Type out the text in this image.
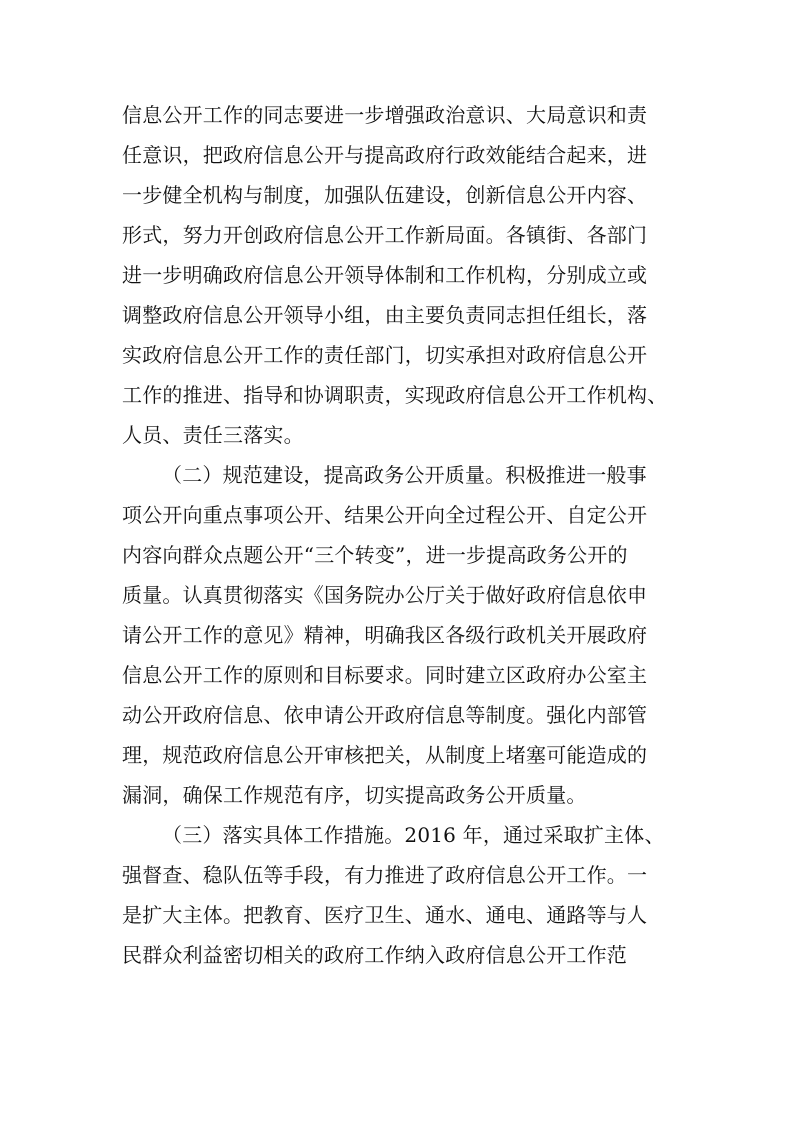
信息公开工作的同志要进一步增强政治意识、大局意识和责
任意识，把政府信息公开与提高政府行政效能结合起来，进
一步健全机构与制度，加强队伍建设，创新信息公开内容、
形式，努力开创政府信息公开工作新局面。各镇街、各部门
进一步明确政府信息公开领导体制和工作机构，分别成立或
调整政府信息公开领导小组，由主要负责同志担任组长，落
实政府信息公开工作的责任部门，切实承担对政府信息公开
工作的推进、指导和协调职责，实现政府信息公开工作机构、
人员、责任三落实。
（二）规范建设，提高政务公开质量。积极推进一般事
项公开向重点事项公开、结果公开向全过程公开、自定公开
内容向群众点题公开“三个转变”，进一步提高政务公开的
质量。认真贯彻落实《国务院办公厅关于做好政府信息依申
请公开工作的意见》精神，明确我区各级行政机关开展政府
信息公开工作的原则和目标要求。同时建立区政府办公室主
动公开政府信息、依申请公开政府信息等制度。强化内部管
理，规范政府信息公开审核把关，从制度上堵塞可能造成的
漏洞，确保工作规范有序，切实提高政务公开质量。
（三）落实具体工作措施。2016 年，通过采取扩主体、
强督查、稳队伍等手段，有力推进了政府信息公开工作。一
是扩大主体。把教育、医疗卫生、通水、通电、通路等与人
民群众利益密切相关的政府工作纳入政府信息公开工作范
